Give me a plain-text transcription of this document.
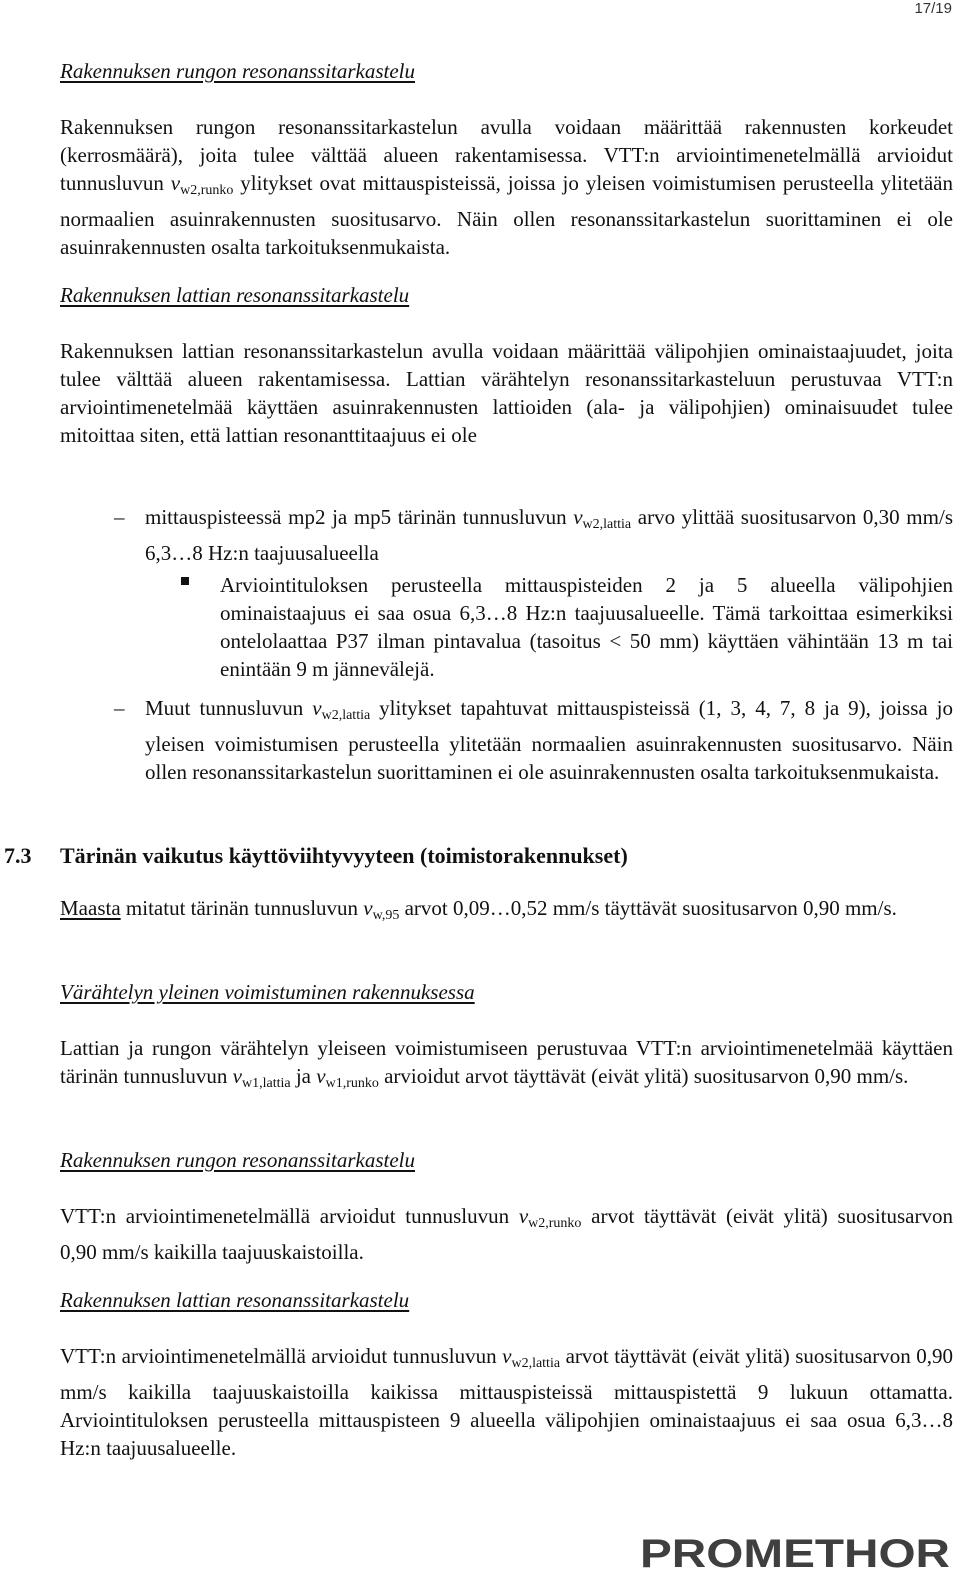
17/19
Rakennuksen rungon resonanssitarkastelu
Rakennuksen rungon resonanssitarkastelun avulla voidaan määrittää rakennusten korkeudet (kerrosmäärä), joita tulee välttää alueen rakentamisessa. VTT:n arviointimenetelmällä arvioidut tunnusluvun $v_{w2,runko}$ ylitykset ovat mittauspisteissä, joissa jo yleisen voimistumisen perusteella ylitetään normaalien asuinrakennusten suositusarvo. Näin ollen resonanssitarkastelun suorittaminen ei ole asuinrakennusten osalta tarkoituksenmukaista.
Rakennuksen lattian resonanssitarkastelu
Rakennuksen lattian resonanssitarkastelun avulla voidaan määrittää välipohjien ominaistaajuudet, joita tulee välttää alueen rakentamisessa. Lattian värähtelyn resonanssitarkasteluun perustuvaa VTT:n arviointimenetelmää käyttäen asuinrakennusten lattioiden (ala- ja välipohjien) ominaisuudet tulee mitoittaa siten, että lattian resonanttitaajuus ei ole
– mittauspisteessä mp2 ja mp5 tärinän tunnusluvun $v_{w2,lattia}$ arvo ylittää suositusarvon 0,30 mm/s 6,3…8 Hz:n taajuusalueella
Arviointituloksen perusteella mittauspisteiden 2 ja 5 alueella välipohjien ominaistaajuus ei saa osua 6,3…8 Hz:n taajuusalueelle. Tämä tarkoittaa esimerkiksi ontelolaattaa P37 ilman pintavalua (tasoitus < 50 mm) käyttäen vähintään 13 m tai enintään 9 m jännevälejä.
– Muut tunnusluvun $v_{w2,lattia}$ ylitykset tapahtuvat mittauspisteissä (1, 3, 4, 7, 8 ja 9), joissa jo yleisen voimistumisen perusteella ylitetään normaalien asuinrakennusten suositusarvo. Näin ollen resonanssitarkastelun suorittaminen ei ole asuinrakennusten osalta tarkoituksenmukaista.
7.3 Tärinän vaikutus käyttöviihtyvyyteen (toimistorakennukset)
Maasta mitatut tärinän tunnusluvun $v_{w,95}$ arvot 0,09…0,52 mm/s täyttävät suositusarvon 0,90 mm/s.
Värähtelyn yleinen voimistuminen rakennuksessa
Lattian ja rungon värähtelyn yleiseen voimistumiseen perustuvaa VTT:n arviointimenetelmää käyttäen tärinän tunnusluvun $v_{w1,lattia}$ ja $v_{w1,runko}$ arvioidut arvot täyttävät (eivät ylitä) suositusarvon 0,90 mm/s.
Rakennuksen rungon resonanssitarkastelu
VTT:n arviointimenetelmällä arvioidut tunnusluvun $v_{w2,runko}$ arvot täyttävät (eivät ylitä) suositusarvon 0,90 mm/s kaikilla taajuuskaistoilla.
Rakennuksen lattian resonanssitarkastelu
VTT:n arviointimenetelmällä arvioidut tunnusluvun $v_{w2,lattia}$ arvot täyttävät (eivät ylitä) suositusarvon 0,90 mm/s kaikilla taajuuskaistoilla kaikissa mittauspisteissä mittauspistettä 9 lukuun ottamatta. Arviointituloksen perusteella mittauspisteen 9 alueella välipohjien ominaistaajuus ei saa osua 6,3…8 Hz:n taajuusalueelle.
PROMETHOR
